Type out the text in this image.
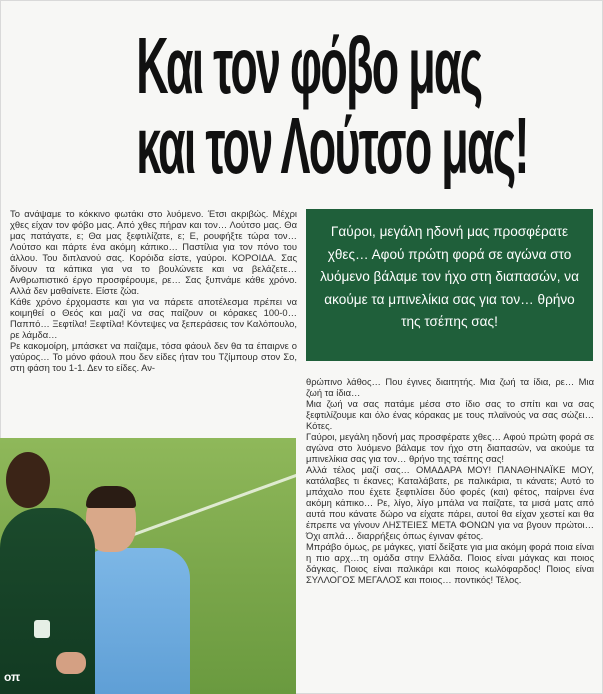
Και τον φόβο μας
και τον Λούτσο μας!

Το ανάψαμε το κόκκινο φωτάκι στο λυόμενο. Έτσι ακριβώς. Μέχρι χθες είχαν τον φόβο μας. Από χθες πήραν και τον… Λούτσο μας. Θα μας πατάγατε, ε; Θα μας ξεφτιλίζατε, ε; Ε, ρουφήξτε τώρα τον… Λούτσο και πάρτε ένα ακόμη κάπικο… Παστίλια για τον πόνο του άλλου. Του διπλανού σας. Κορόιδα είστε, γαύροι. ΚΟΡΟΙΔΑ. Σας δίνουν τα κάπικα για να το βουλώνετε και να βελάζετε… Ανθρωπιστικό έργο προσφέρουμε, ρε… Σας ξυπνάμε κάθε χρόνο. Αλλά δεν μαθαίνετε. Είστε ζώα.

Κάθε χρόνο έρχομαστε και για να πάρετε αποτέλεσμα πρέπει να κοιμηθεί ο Θεός και μαζί να σας παίζουν οι κόρακες 100-0… Παππό… Ξεφτίλα! Ξεφτίλα! Κόντεψες να ξεπεράσεις τον Καλόπουλο, ρε λάμδα…

Ρε κακομοίρη, μπάσκετ να παίζαμε, τόσα φάουλ δεν θα τα έπαιρνε ο γαύρος… Το μόνο φάουλ που δεν είδες ήταν του Τζίμπουρ στον Σο, στη φάση του 1-1. Δεν το είδες. Αν-

Γαύροι, μεγάλη ηδονή μας προσφέρατε χθες… Αφού πρώτη φορά σε αγώνα στο λυόμενο βάλαμε τον ήχο στη διαπασών, να ακούμε τα μπινελίκια σας για τον… θρήνο της τσέπης σας!

θρώπινο λάθος… Που έγινες διαιτητής. Μια ζωή τα ίδια, ρε… Μια ζωή τα ίδια…

Μια ζωή να σας πατάμε μέσα στο ίδιο σας το σπίτι και να σας ξεφτιλίζουμε και όλο ένας κόρακας με τους πλαϊνούς να σας σώζει… Κότες.

Γαύροι, μεγάλη ηδονή μας προσφέρατε χθες… Αφού πρώτη φορά σε αγώνα στο λυόμενο βάλαμε τον ήχο στη διαπασών, να ακούμε τα μπινελίκια σας για τον… θρήνο της τσέπης σας!

Αλλά τέλος μαζί σας… ΟΜΑΔΑΡΑ ΜΟΥ! ΠΑΝΑΘΗΝΑΪΚΕ ΜΟΥ, κατάλαβες τι έκανες; Καταλάβατε, ρε παλικάρια, τι κάνατε; Αυτό το μπάχαλο που έχετε ξεφτιλίσει δύο φορές (και) φέτος, παίρνει ένα ακόμη κάπικο… Ρε, λίγο, λίγο μπάλα να παίζατε, τα μισά ματς από αυτά που κάνατε δώρο να είχατε πάρει, αυτοί θα είχαν χεστεί και θα έπρεπε να γίνουν ΛΗΣΤΕΙΕΣ ΜΕΤΑ ΦΟΝΩΝ για να βγουν πρώτοι… Όχι απλά… διαρρήξεις όπως έγιναν φέτος.

Μπράβο όμως, ρε μάγκες, γιατί δείξατε για μια ακόμη φορά ποια είναι η πιο αρχ…τη ομάδα στην Ελλάδα. Ποιος είναι μάγκας και ποιος δάγκας. Ποιος είναι παλικάρι και ποιος κωλόφαρδος! Ποιος είναι ΣΥΛΛΟΓΟΣ ΜΕΓΑΛΟΣ και ποιος… ποντικός! Τέλος.

οπ
